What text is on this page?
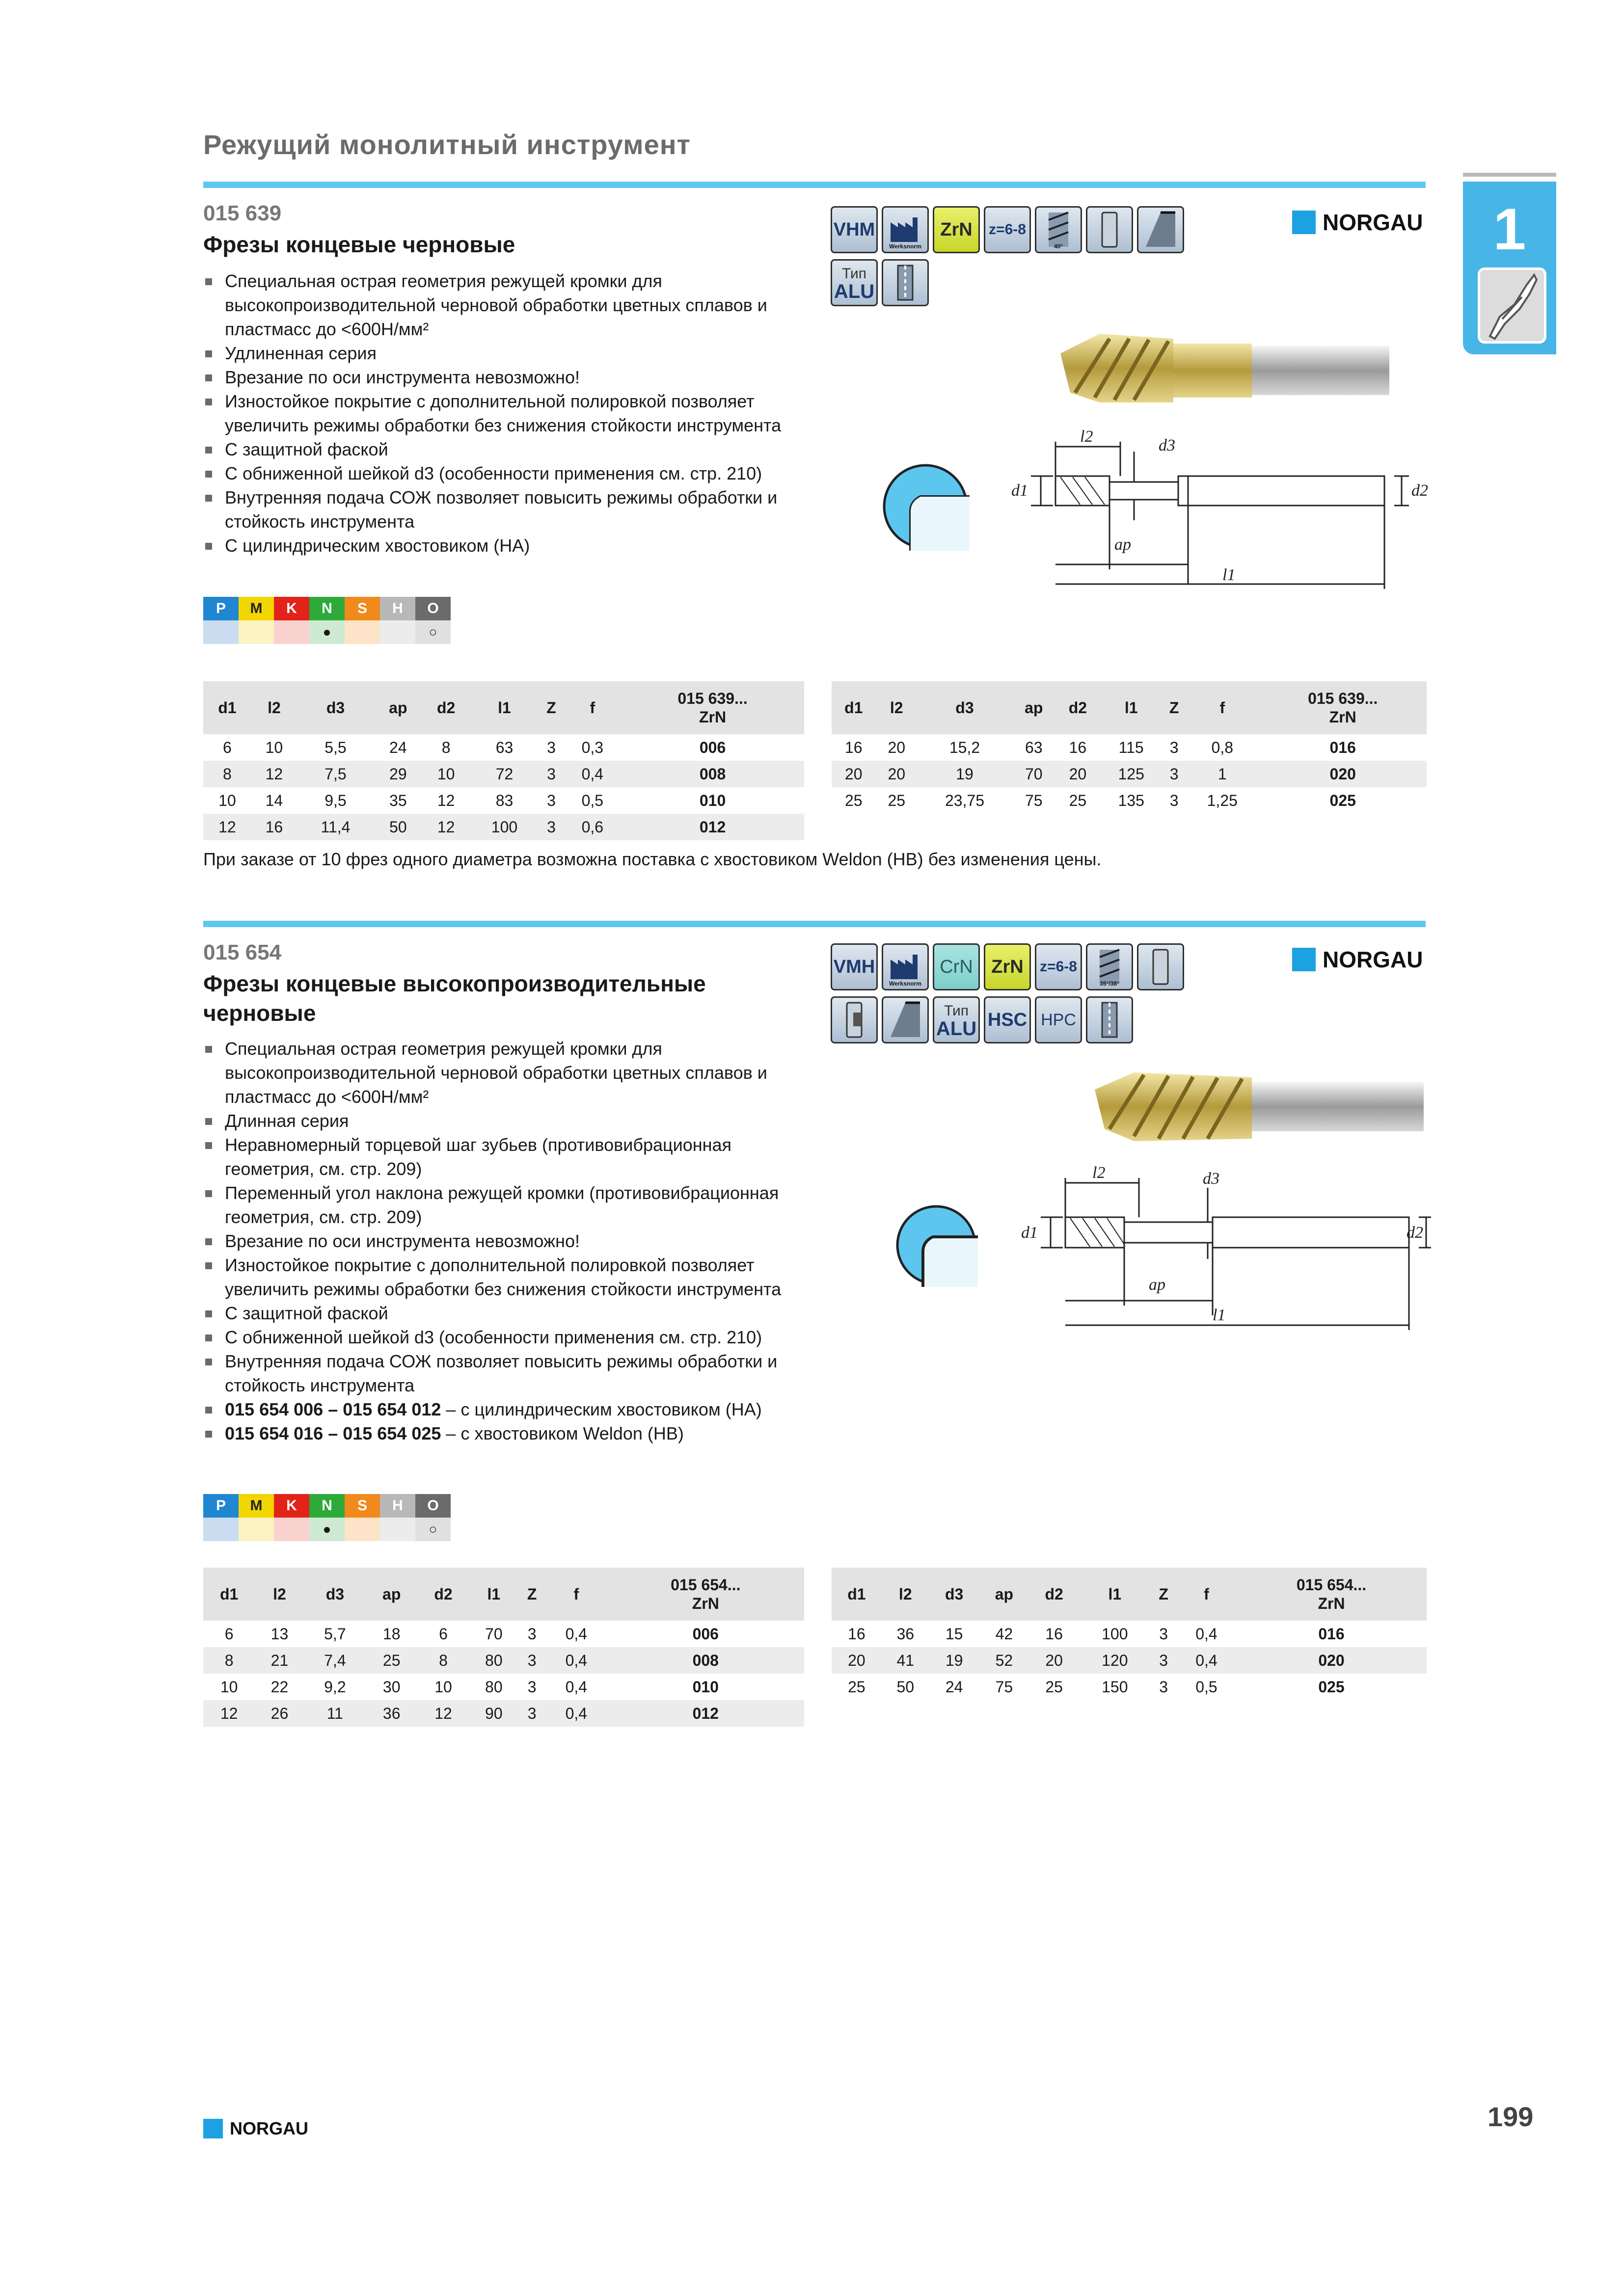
Режущий монолитный инструмент
1
015 639
Фрезы концевые черновые
Специальная острая геометрия режущей кромки для высокопроизводительной черновой обработки цветных сплавов и пластмасс до <600Н/мм²
Удлиненная серия
Врезание по оси инструмента невозможно!
Изностойкое покрытие с дополнительной полировкой позволяет увеличить режимы обработки без снижения стойкости инструмента
С защитной фаской
С обниженной шейкой d3 (особенности применения см. стр. 210)
Внутренняя подача СОЖ позволяет повысить режимы обработки и стойкость инструмента
С цилиндрическим хвостовиком (HA)
VHM
Werksnorm
ZrN z=6-8
40°
Тип
ALU
NORGAU
l2	d3
d1	d2
ap
l1
P	M	K	N
●
S	H	O
○
d1	l2	d3	ap	d2	l1	Z	f	015 639...
ZrN

6	10	5,5	24	8	63	3	0,3	006
8	12	7,5	29	10	72	3	0,4	008
10	14	9,5	35	12	83	3	0,5	010
12	16	11,4	50	12	100	3	0,6	012
d1	l2	d3	ap	d2	l1	Z	f	015 639...
ZrN

16	20	15,2	63	16	115	3	0,8	016
20	20	19	70	20	125	3	1	020
25	25	23,75	75	25	135	3	1,25	025
При заказе от 10 фрез одного диаметра возможна поставка с хвостовиком Weldon (HB) без изменения цены.
015 654
Фрезы концевые высокопроизводительные
черновые
Специальная острая геометрия режущей кромки для высокопроизводительной черновой обработки цветных сплавов и пластмасс до <600Н/мм²
Длинная серия
Неравномерный торцевой шаг зубьев (противовибрационная геометрия, см. стр. 209)
Переменный угол наклона режущей кромки (противовибрационная геометрия, см. стр. 209)
Врезание по оси инструмента невозможно!
Изностойкое покрытие с дополнительной полировкой позволяет увеличить режимы обработки без снижения стойкости инструмента
С защитной фаской
С обниженной шейкой d3 (особенности применения см. стр. 210)
Внутренняя подача СОЖ позволяет повысить режимы обработки и стойкость инструмента
015 654 006 – 015 654 012 – с цилиндрическим хвостовиком (HA)
015 654 016 – 015 654 025 – с хвостовиком Weldon (HB)
VMH
Werksnorm
CrN ZrN z=6-8
35°/38°
Тип
ALU HSC HPC
NORGAU
l2	d3
d1	d2
ap
l1
P	M	K	N
●
S	H	O
○
d1	l2	d3	ap	d2	l1	Z	f	015 654...
ZrN

6	13	5,7	18	6	70	3	0,4	006
8	21	7,4	25	8	80	3	0,4	008
10	22	9,2	30	10	80	3	0,4	010
12	26	11	36	12	90	3	0,4	012
d1	l2	d3	ap	d2	l1	Z	f	015 654...
ZrN

16	36	15	42	16	100	3	0,4	016
20	41	19	52	20	120	3	0,4	020
25	50	24	75	25	150	3	0,5	025
NORGAU	199
